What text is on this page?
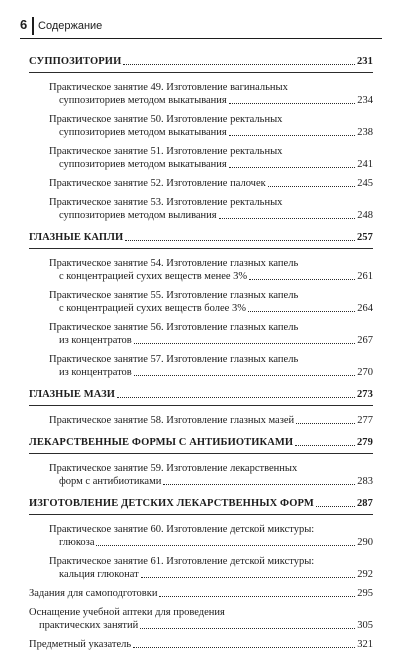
6 Содержание
СУППОЗИТОРИИ	231
Практическое занятие 49. Изготовление вагинальных
суппозиториев методом выкатывания	234
Практическое занятие 50. Изготовление ректальных
суппозиториев методом выкатывания	238
Практическое занятие 51. Изготовление ректальных
суппозиториев методом выкатывания	241
Практическое занятие 52. Изготовление палочек	245
Практическое занятие 53. Изготовление ректальных
суппозиториев методом выливания	248
ГЛАЗНЫЕ КАПЛИ	257
Практическое занятие 54. Изготовление глазных капель
с концентрацией сухих веществ менее 3%	261
Практическое занятие 55. Изготовление глазных капель
с концентрацией сухих веществ более 3%	264
Практическое занятие 56. Изготовление глазных капель
из концентратов	267
Практическое занятие 57. Изготовление глазных капель
из концентратов	270
ГЛАЗНЫЕ МАЗИ	273
Практическое занятие 58. Изготовление глазных мазей	277
ЛЕКАРСТВЕННЫЕ ФОРМЫ С АНТИБИОТИКАМИ	279
Практическое занятие 59. Изготовление лекарственных
форм с антибиотиками	283
ИЗГОТОВЛЕНИЕ ДЕТСКИХ ЛЕКАРСТВЕННЫХ ФОРМ	287
Практическое занятие 60. Изготовление детской микстуры:
глюкоза	290
Практическое занятие 61. Изготовление детской микстуры:
кальция глюконат	292
Задания для самоподготовки	295
Оснащение учебной аптеки для проведения
практических занятий	305
Предметный указатель	321
